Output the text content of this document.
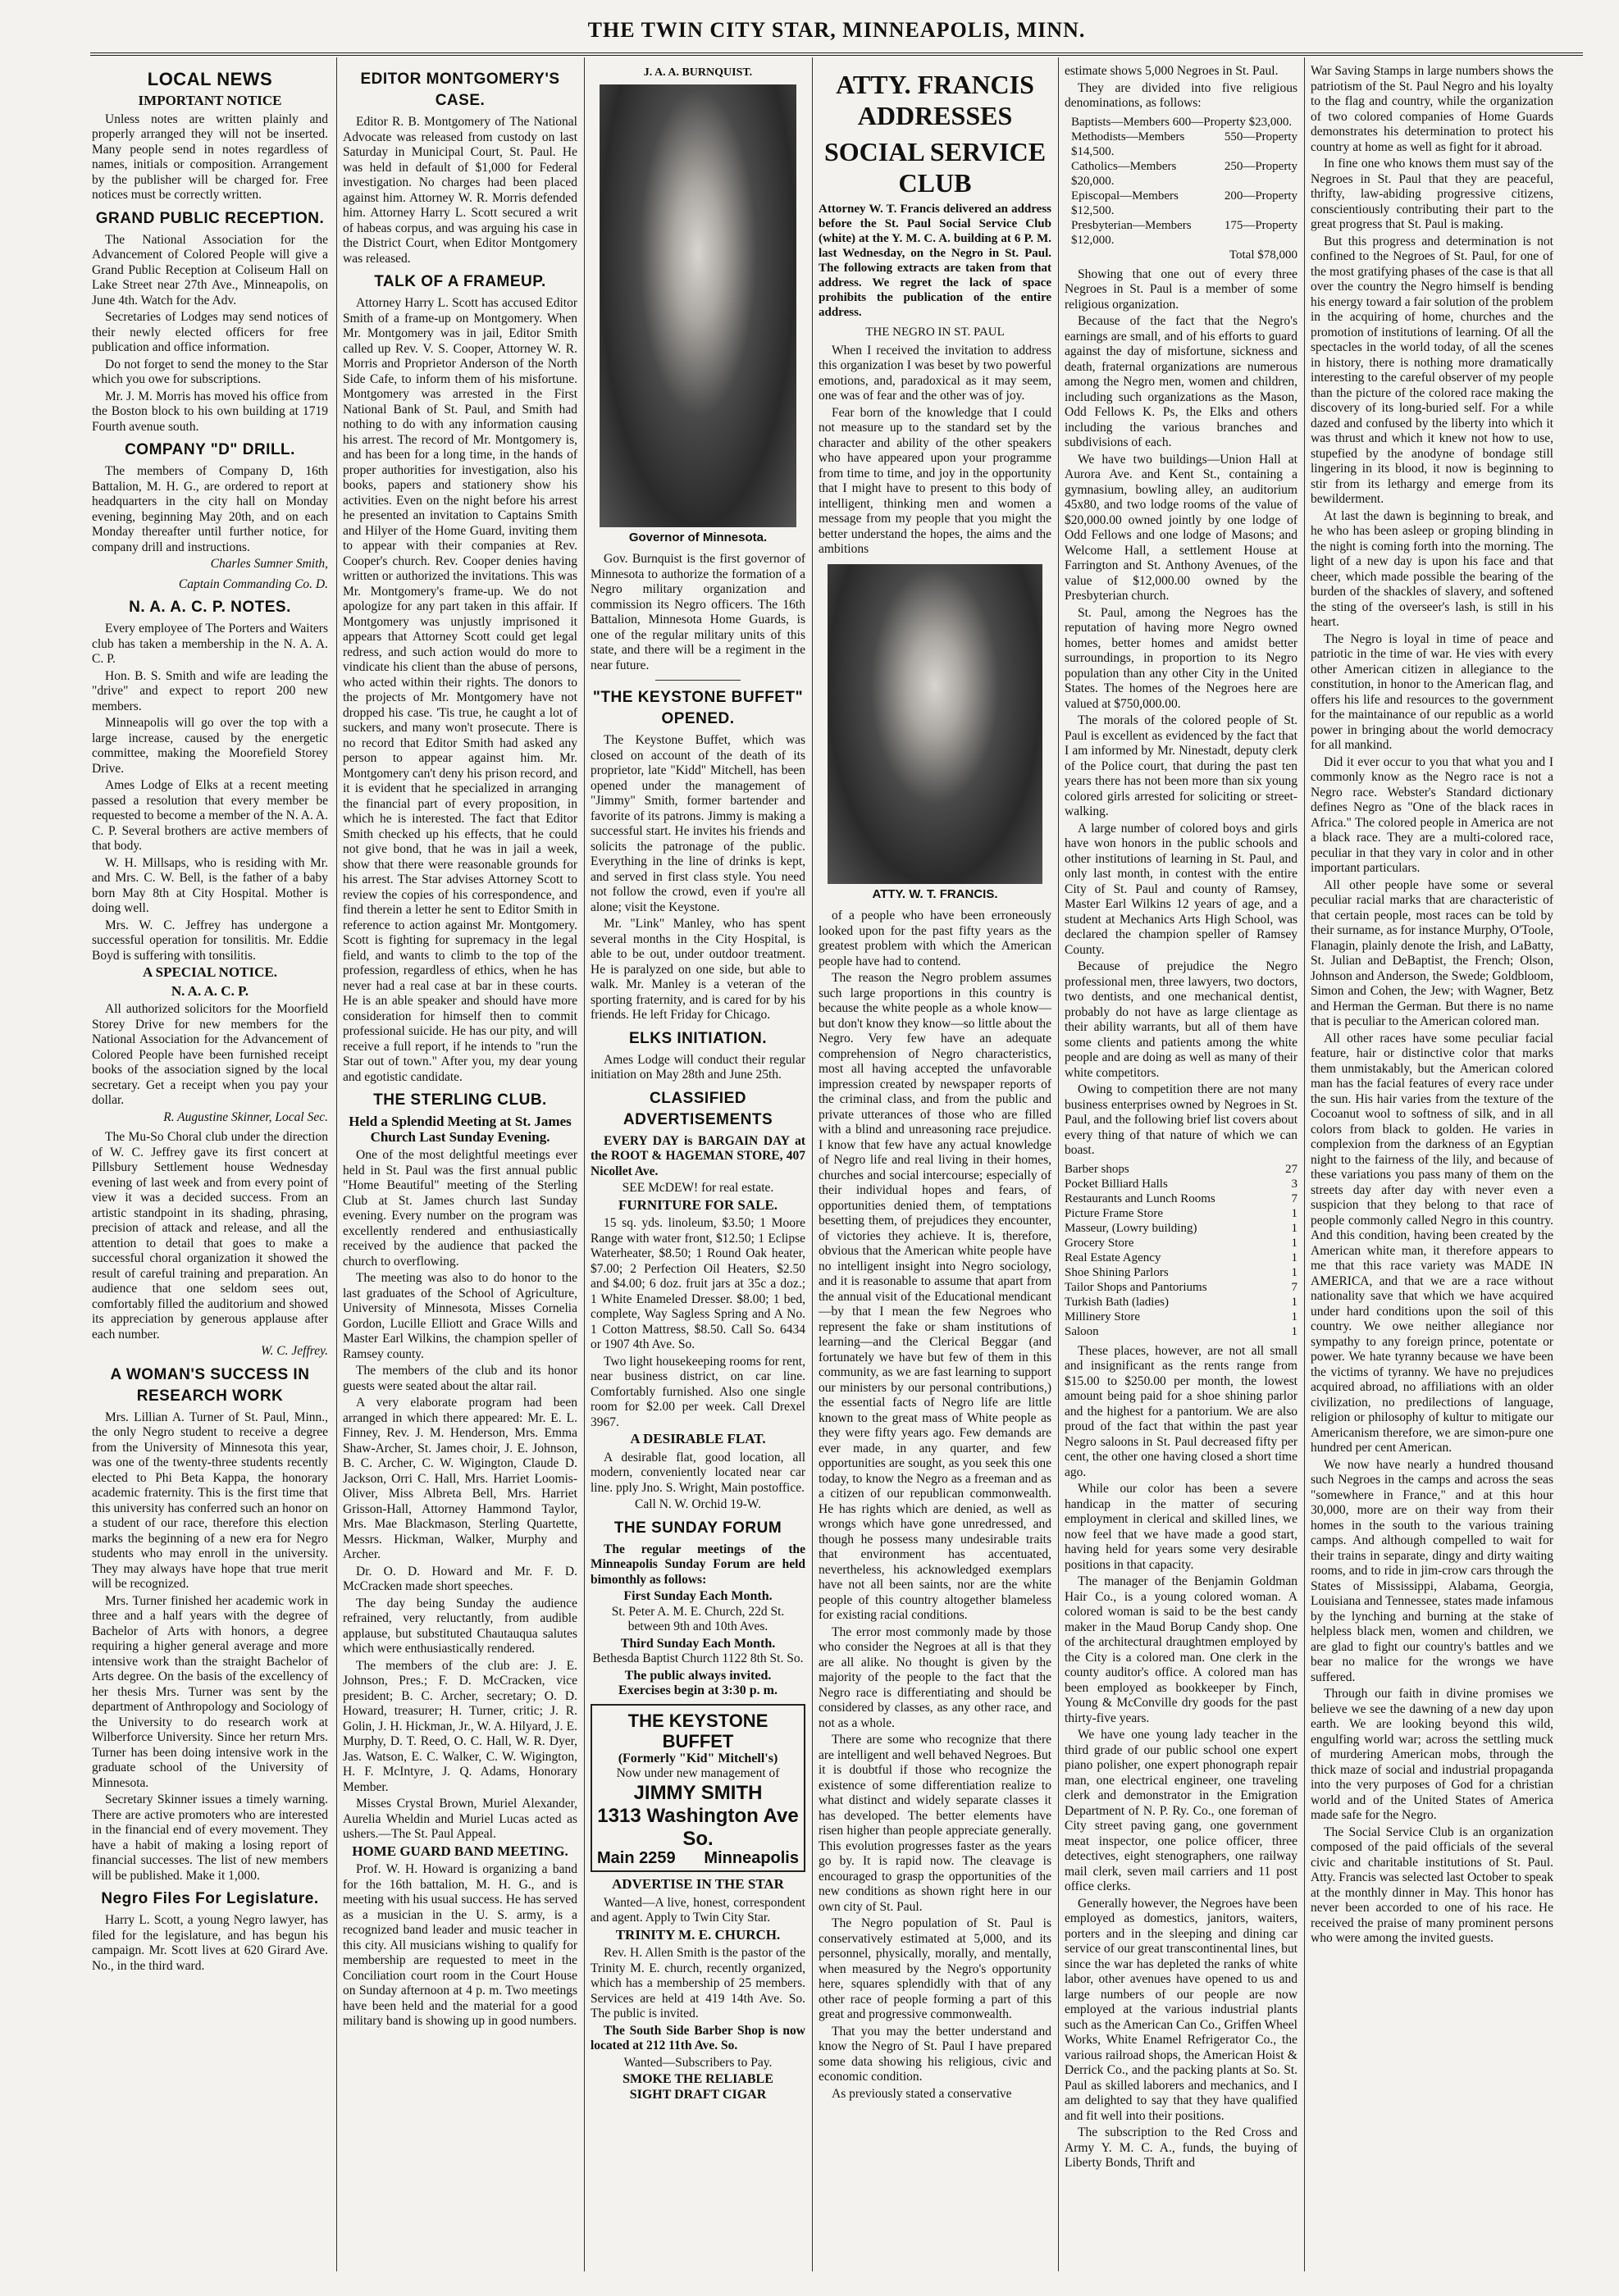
THE TWIN CITY STAR, MINNEAPOLIS, MINN.
LOCAL NEWS
IMPORTANT NOTICE

Unless notes are written plainly and properly arranged they will not be inserted. Many people send in notes regardless of names, initials or composition. Arrangement by the publisher will be charged for. Free notices must be correctly written.

GRAND PUBLIC RECEPTION.

The National Association for the Advancement of Colored People will give a Grand Public Reception at Coliseum Hall on Lake Street near 27th Ave., Minneapolis, on June 4th. Watch for the Adv.

Secretaries of Lodges may send notices of their newly elected officers for free publication and office information.

Do not forget to send the money to the Star which you owe for subscriptions.

Mr. J. M. Morris has moved his office from the Boston block to his own building at 1719 Fourth avenue south.

COMPANY "D" DRILL.

The members of Company D, 16th Battalion, M. H. G., are ordered to report at headquarters in the city hall on Monday evening, beginning May 20th, and on each Monday thereafter until further notice, for company drill and instructions.

Charles Sumner Smith,
Captain Commanding Co. D.
N. A. A. C. P. NOTES.

Every employee of The Porters and Waiters club has taken a membership in the N. A. A. C. P.

Hon. B. S. Smith and wife are leading the "drive" and expect to report 200 new members.

Minneapolis will go over the top with a large increase, caused by the energetic committee, making the Moorefield Storey Drive.

Ames Lodge of Elks at a recent meeting passed a resolution that every member be requested to become a member of the N. A. A. C. P. Several brothers are active members of that body.

W. H. Millsaps, who is residing with Mr. and Mrs. C. W. Bell, is the father of a baby born May 8th at City Hospital. Mother is doing well.

Mrs. W. C. Jeffrey has undergone a successful operation for tonsilitis. Mr. Eddie Boyd is suffering with tonsilitis.

A SPECIAL NOTICE.
N. A. A. C. P.

All authorized solicitors for the Moorfield Storey Drive for new members for the National Association for the Advancement of Colored People have been furnished receipt books of the association signed by the local secretary. Get a receipt when you pay your dollar.

R. Augustine Skinner, Local Sec.

The Mu-So Choral club under the direction of W. C. Jeffrey gave its first concert at Pillsbury Settlement house Wednesday evening of last week and from every point of view it was a decided success. From an artistic standpoint in its shading, phrasing, precision of attack and release, and all the attention to detail that goes to make a successful choral organization it showed the result of careful training and preparation. An audience that one seldom sees out, comfortably filled the auditorium and showed its appreciation by generous applause after each number.

W. C. Jeffrey.
A WOMAN'S SUCCESS IN RESEARCH WORK

Mrs. Lillian A. Turner of St. Paul, Minn., the only Negro student to receive a degree from the University of Minnesota this year, was one of the twenty-three students recently elected to Phi Beta Kappa, the honorary academic fraternity. This is the first time that this university has conferred such an honor on a student of our race, therefore this election marks the beginning of a new era for Negro students who may enroll in the university. They may always have hope that true merit will be recognized.

Mrs. Turner finished her academic work in three and a half years with the degree of Bachelor of Arts with honors, a degree requiring a higher general average and more intensive work than the straight Bachelor of Arts degree. On the basis of the excellency of her thesis Mrs. Turner was sent by the department of Anthropology and Sociology of the University to do research work at Wilberforce University. Since her return Mrs. Turner has been doing intensive work in the graduate school of the University of Minnesota.

Secretary Skinner issues a timely warning. There are active promoters who are interested in the financial end of every movement. They have a habit of making a losing report of financial successes. The list of new members will be published. Make it 1,000.

Negro Files For Legislature.

Harry L. Scott, a young Negro lawyer, has filed for the legislature, and has begun his campaign. Mr. Scott lives at 620 Girard Ave. No., in the third ward.

EDITOR MONTGOMERY'S CASE.

Editor R. B. Montgomery of The National Advocate was released from custody on last Saturday in Municipal Court, St. Paul. He was held in default of $1,000 for Federal investigation. No charges had been placed against him. Attorney W. R. Morris defended him. Attorney Harry L. Scott secured a writ of habeas corpus, and was arguing his case in the District Court, when Editor Montgomery was released.

TALK OF A FRAMEUP.

Attorney Harry L. Scott has accused Editor Smith of a frame-up on Montgomery. When Mr. Montgomery was in jail, Editor Smith called up Rev. V. S. Cooper, Attorney W. R. Morris and Proprietor Anderson of the North Side Cafe, to inform them of his misfortune. Montgomery was arrested in the First National Bank of St. Paul, and Smith had nothing to do with any information causing his arrest. The record of Mr. Montgomery is, and has been for a long time, in the hands of proper authorities for investigation, also his books, papers and stationery show his activities. Even on the night before his arrest he presented an invitation to Captains Smith and Hilyer of the Home Guard, inviting them to appear with their companies at Rev. Cooper's church. Rev. Cooper denies having written or authorized the invitations. This was Mr. Montgomery's frame-up. We do not apologize for any part taken in this affair. If Montgomery was unjustly imprisoned it appears that Attorney Scott could get legal redress, and such action would do more to vindicate his client than the abuse of persons, who acted within their rights. The donors to the projects of Mr. Montgomery have not dropped his case. 'Tis true, he caught a lot of suckers, and many won't prosecute. There is no record that Editor Smith had asked any person to appear against him. Mr. Montgomery can't deny his prison record, and it is evident that he specialized in arranging the financial part of every proposition, in which he is interested. The fact that Editor Smith checked up his effects, that he could not give bond, that he was in jail a week, show that there were reasonable grounds for his arrest. The Star advises Attorney Scott to review the copies of his correspondence, and find therein a letter he sent to Editor Smith in reference to action against Mr. Montgomery. Scott is fighting for supremacy in the legal field, and wants to climb to the top of the profession, regardless of ethics, when he has never had a real case at bar in these courts. He is an able speaker and should have more consideration for himself then to commit professional suicide. He has our pity, and will receive a full report, if he intends to "run the Star out of town." After you, my dear young and egotistic candidate.

THE STERLING CLUB.
Held a Splendid Meeting at St. James Church Last Sunday Evening.

One of the most delightful meetings ever held in St. Paul was the first annual public "Home Beautiful" meeting of the Sterling Club at St. James church last Sunday evening. Every number on the program was excellently rendered and enthusiastically received by the audience that packed the church to overflowing.

The meeting was also to do honor to the last graduates of the School of Agriculture, University of Minnesota, Misses Cornelia Gordon, Lucille Elliott and Grace Wills and Master Earl Wilkins, the champion speller of Ramsey county.

The members of the club and its honor guests were seated about the altar rail.

A very elaborate program had been arranged in which there appeared: Mr. E. L. Finney, Rev. J. M. Henderson, Mrs. Emma Shaw-Archer, St. James choir, J. E. Johnson, B. C. Archer, C. W. Wigington, Claude D. Jackson, Orri C. Hall, Mrs. Harriet Loomis-Oliver, Miss Albreta Bell, Mrs. Harriet Grisson-Hall, Attorney Hammond Taylor, Mrs. Mae Blackmason, Sterling Quartette, Messrs. Hickman, Walker, Murphy and Archer.

Dr. O. D. Howard and Mr. F. D. McCracken made short speeches.

The day being Sunday the audience refrained, very reluctantly, from audible applause, but substituted Chautauqua salutes which were enthusiastically rendered.

The members of the club are: J. E. Johnson, Pres.; F. D. McCracken, vice president; B. C. Archer, secretary; O. D. Howard, treasurer; H. Turner, critic; J. R. Golin, J. H. Hickman, Jr., W. A. Hilyard, J. E. Murphy, D. T. Reed, O. C. Hall, W. R. Dyer, Jas. Watson, E. C. Walker, C. W. Wigington, H. F. McIntyre, J. Q. Adams, Honorary Member.

Misses Crystal Brown, Muriel Alexander, Aurelia Wheldin and Muriel Lucas acted as ushers.—The St. Paul Appeal.

HOME GUARD BAND MEETING.

Prof. W. H. Howard is organizing a band for the 16th battalion, M. H. G., and is meeting with his usual success. He has served as a musician in the U. S. army, is a recognized band leader and music teacher in this city. All musicians wishing to qualify for membership are requested to meet in the Conciliation court room in the Court House on Sunday afternoon at 4 p. m. Two meetings have been held and the material for a good military band is showing up in good numbers.

J. A. A. BURNQUIST.
Governor of Minnesota.

Gov. Burnquist is the first governor of Minnesota to authorize the formation of a Negro military organization and commission its Negro officers. The 16th Battalion, Minnesota Home Guards, is one of the regular military units of this state, and there will be a regiment in the near future.

"THE KEYSTONE BUFFET" OPENED.

The Keystone Buffet, which was closed on account of the death of its proprietor, late "Kidd" Mitchell, has been opened under the management of "Jimmy" Smith, former bartender and favorite of its patrons. Jimmy is making a successful start. He invites his friends and solicits the patronage of the public. Everything in the line of drinks is kept, and served in first class style. You need not follow the crowd, even if you're all alone; visit the Keystone.

Mr. "Link" Manley, who has spent several months in the City Hospital, is able to be out, under outdoor treatment. He is paralyzed on one side, but able to walk. Mr. Manley is a veteran of the sporting fraternity, and is cared for by his friends. He left Friday for Chicago.

ELKS INITIATION.

Ames Lodge will conduct their regular initiation on May 28th and June 25th.

CLASSIFIED ADVERTISEMENTS

EVERY DAY is BARGAIN DAY at the ROOT & HAGEMAN STORE, 407 Nicollet Ave.

SEE McDEW! for real estate.

FURNITURE FOR SALE.

15 sq. yds. linoleum, $3.50; 1 Moore Range with water front, $12.50; 1 Eclipse Waterheater, $8.50; 1 Round Oak heater, $7.00; 2 Perfection Oil Heaters, $2.50 and $4.00; 6 doz. fruit jars at 35c a doz.; 1 White Enameled Dresser. $8.00; 1 bed, complete, Way Sagless Spring and A No. 1 Cotton Mattress, $8.50. Call So. 6434 or 1907 4th Ave. So.

Two light housekeeping rooms for rent, near business district, on car line. Comfortably furnished. Also one single room for $2.00 per week. Call Drexel 3967.

A DESIRABLE FLAT.

A desirable flat, good location, all modern, conveniently located near car line. pply Jno. S. Wright, Main postoffice.

Call N. W. Orchid 19-W.

THE SUNDAY FORUM

The regular meetings of the Minneapolis Sunday Forum are held bimonthly as follows:

First Sunday Each Month.

St. Peter A. M. E. Church, 22d St. between 9th and 10th Aves.

Third Sunday Each Month.

Bethesda Baptist Church 1122 8th St. So.

The public always invited.
Exercises begin at 3:30 p. m.
THE KEYSTONE BUFFET
(Formerly "Kid" Mitchell's)
Now under new management of
JIMMY SMITH
1313 Washington Ave So.
Main 2259 Minneapolis
ADVERTISE IN THE STAR

Wanted—A live, honest, correspondent and agent. Apply to Twin City Star.

TRINITY M. E. CHURCH.

Rev. H. Allen Smith is the pastor of the Trinity M. E. church, recently organized, which has a membership of 25 members. Services are held at 419 14th Ave. So. The public is invited.

The South Side Barber Shop is now located at 212 11th Ave. So.

Wanted—Subscribers to Pay.

SMOKE THE RELIABLE
SIGHT DRAFT CIGAR
ATTY. FRANCIS ADDRESSES
SOCIAL SERVICE CLUB
Attorney W. T. Francis delivered an address before the St. Paul Social Service Club (white) at the Y. M. C. A. building at 6 P. M. last Wednesday, on the Negro in St. Paul. The following extracts are taken from that address. We regret the lack of space prohibits the publication of the entire address.
THE NEGRO IN ST. PAUL

When I received the invitation to address this organization I was beset by two powerful emotions, and, paradoxical as it may seem, one was of fear and the other was of joy.

Fear born of the knowledge that I could not measure up to the standard set by the character and ability of the other speakers who have appeared upon your programme from time to time, and joy in the opportunity that I might have to present to this body of intelligent, thinking men and women a message from my people that you might the better understand the hopes, the aims and the ambitions

ATTY. W. T. FRANCIS.

of a people who have been erroneously looked upon for the past fifty years as the greatest problem with which the American people have had to contend.

The reason the Negro problem assumes such large proportions in this country is because the white people as a whole know—but don't know they know—so little about the Negro. Very few have an adequate comprehension of Negro characteristics, most all having accepted the unfavorable impression created by newspaper reports of the criminal class, and from the public and private utterances of those who are filled with a blind and unreasoning race prejudice. I know that few have any actual knowledge of Negro life and real living in their homes, churches and social intercourse; especially of their individual hopes and fears, of opportunities denied them, of temptations besetting them, of prejudices they encounter, of victories they achieve. It is, therefore, obvious that the American white people have no intelligent insight into Negro sociology, and it is reasonable to assume that apart from the annual visit of the Educational mendicant—by that I mean the few Negroes who represent the fake or sham institutions of learning—and the Clerical Beggar (and fortunately we have but few of them in this community, as we are fast learning to support our ministers by our personal contributions,) the essential facts of Negro life are little known to the great mass of White people as they were fifty years ago. Few demands are ever made, in any quarter, and few opportunities are sought, as you seek this one today, to know the Negro as a freeman and as a citizen of our republican commonwealth. He has rights which are denied, as well as wrongs which have gone unredressed, and though he possess many undesirable traits that environment has accentuated, nevertheless, his acknowledged exemplars have not all been saints, nor are the white people of this country altogether blameless for existing racial conditions.

The error most commonly made by those who consider the Negroes at all is that they are all alike. No thought is given by the majority of the people to the fact that the Negro race is differentiating and should be considered by classes, as any other race, and not as a whole.

There are some who recognize that there are intelligent and well behaved Negroes. But it is doubtful if those who recognize the existence of some differentiation realize to what distinct and widely separate classes it has developed. The better elements have risen higher than people appreciate generally. This evolution progresses faster as the years go by. It is rapid now. The cleavage is encouraged to grasp the opportunities of the new conditions as shown right here in our own city of St. Paul.

The Negro population of St. Paul is conservatively estimated at 5,000, and its personnel, physically, morally, and mentally, when measured by the Negro's opportunity here, squares splendidly with that of any other race of people forming a part of this great and progressive commonwealth.

That you may the better understand and know the Negro of St. Paul I have prepared some data showing his religious, civic and economic condition.

As previously stated a conservative

estimate shows 5,000 Negroes in St. Paul.

They are divided into five religious denominations, as follows:

Baptists—Members 600—Property $23,000.
Methodists—Members 550—Property $14,500.
Catholics—Members 250—Property $20,000.
Episcopal—Members 200—Property $12,500.
Presbyterian—Members 175—Property $12,000.
Total $78,000

Showing that one out of every three Negroes in St. Paul is a member of some religious organization.

Because of the fact that the Negro's earnings are small, and of his efforts to guard against the day of misfortune, sickness and death, fraternal organizations are numerous among the Negro men, women and children, including such organizations as the Mason, Odd Fellows K. Ps, the Elks and others including the various branches and subdivisions of each.

We have two buildings—Union Hall at Aurora Ave. and Kent St., containing a gymnasium, bowling alley, an auditorium 45x80, and two lodge rooms of the value of $20,000.00 owned jointly by one lodge of Odd Fellows and one lodge of Masons; and Welcome Hall, a settlement House at Farrington and St. Anthony Avenues, of the value of $12,000.00 owned by the Presbyterian church.

St. Paul, among the Negroes has the reputation of having more Negro owned homes, better homes and amidst better surroundings, in proportion to its Negro population than any other City in the United States. The homes of the Negroes here are valued at $750,000.00.

The morals of the colored people of St. Paul is excellent as evidenced by the fact that I am informed by Mr. Ninestadt, deputy clerk of the Police court, that during the past ten years there has not been more than six young colored girls arrested for soliciting or street-walking.

A large number of colored boys and girls have won honors in the public schools and other institutions of learning in St. Paul, and only last month, in contest with the entire City of St. Paul and county of Ramsey, Master Earl Wilkins 12 years of age, and a student at Mechanics Arts High School, was declared the champion speller of Ramsey County.

Because of prejudice the Negro professional men, three lawyers, two doctors, two dentists, and one mechanical dentist, probably do not have as large clientage as their ability warrants, but all of them have some clients and patients among the white people and are doing as well as many of their white competitors.

Owing to competition there are not many business enterprises owned by Negroes in St. Paul, and the following brief list covers about every thing of that nature of which we can boast.

Barber shops	27
Pocket Billiard Halls	3
Restaurants and Lunch Rooms	7
Picture Frame Store	1
Masseur, (Lowry building)	1
Grocery Store	1
Real Estate Agency	1
Shoe Shining Parlors	1
Tailor Shops and Pantoriums	7
Turkish Bath (ladies)	1
Millinery Store	1
Saloon	1

These places, however, are not all small and insignificant as the rents range from $15.00 to $250.00 per month, the lowest amount being paid for a shoe shining parlor and the highest for a pantorium. We are also proud of the fact that within the past year Negro saloons in St. Paul decreased fifty per cent, the other one having closed a short time ago.

While our color has been a severe handicap in the matter of securing employment in clerical and skilled lines, we now feel that we have made a good start, having held for years some very desirable positions in that capacity.

The manager of the Benjamin Goldman Hair Co., is a young colored woman. A colored woman is said to be the best candy maker in the Maud Borup Candy shop. One of the architectural draughtmen employed by the City is a colored man. One clerk in the county auditor's office. A colored man has been employed as bookkeeper by Finch, Young & McConville dry goods for the past thirty-five years.

We have one young lady teacher in the third grade of our public school one expert piano polisher, one expert phonograph repair man, one electrical engineer, one traveling clerk and demonstrator in the Emigration Department of N. P. Ry. Co., one foreman of City street paving gang, one government meat inspector, one police officer, three detectives, eight stenographers, one railway mail clerk, seven mail carriers and 11 post office clerks.

Generally however, the Negroes have been employed as domestics, janitors, waiters, porters and in the sleeping and dining car service of our great transcontinental lines, but since the war has depleted the ranks of white labor, other avenues have opened to us and large numbers of our people are now employed at the various industrial plants such as the American Can Co., Griffen Wheel Works, White Enamel Refrigerator Co., the various railroad shops, the American Hoist & Derrick Co., and the packing plants at So. St. Paul as skilled laborers and mechanics, and I am delighted to say that they have qualified and fit well into their positions.

The subscription to the Red Cross and Army Y. M. C. A., funds, the buying of Liberty Bonds, Thrift and

War Saving Stamps in large numbers shows the patriotism of the St. Paul Negro and his loyalty to the flag and country, while the organization of two colored companies of Home Guards demonstrates his determination to protect his country at home as well as fight for it abroad.

In fine one who knows them must say of the Negroes in St. Paul that they are peaceful, thrifty, law-abiding progressive citizens, conscientiously contributing their part to the great progress that St. Paul is making.

But this progress and determination is not confined to the Negroes of St. Paul, for one of the most gratifying phases of the case is that all over the country the Negro himself is bending his energy toward a fair solution of the problem in the acquiring of home, churches and the promotion of institutions of learning. Of all the spectacles in the world today, of all the scenes in history, there is nothing more dramatically interesting to the careful observer of my people than the picture of the colored race making the discovery of its long-buried self. For a while dazed and confused by the liberty into which it was thrust and which it knew not how to use, stupefied by the anodyne of bondage still lingering in its blood, it now is beginning to stir from its lethargy and emerge from its bewilderment.

At last the dawn is beginning to break, and he who has been asleep or groping blinding in the night is coming forth into the morning. The light of a new day is upon his face and that cheer, which made possible the bearing of the burden of the shackles of slavery, and softened the sting of the overseer's lash, is still in his heart.

The Negro is loyal in time of peace and patriotic in the time of war. He vies with every other American citizen in allegiance to the constitution, in honor to the American flag, and offers his life and resources to the government for the maintainance of our republic as a world power in bringing about the world democracy for all mankind.

Did it ever occur to you that what you and I commonly know as the Negro race is not a Negro race. Webster's Standard dictionary defines Negro as "One of the black races in Africa." The colored people in America are not a black race. They are a multi-colored race, peculiar in that they vary in color and in other important particulars.

All other people have some or several peculiar racial marks that are characteristic of that certain people, most races can be told by their surname, as for instance Murphy, O'Toole, Flanagin, plainly denote the Irish, and LaBatty, St. Julian and DeBaptist, the French; Olson, Johnson and Anderson, the Swede; Goldbloom, Simon and Cohen, the Jew; with Wagner, Betz and Herman the German. But there is no name that is peculiar to the American colored man.

All other races have some peculiar facial feature, hair or distinctive color that marks them unmistakably, but the American colored man has the facial features of every race under the sun. His hair varies from the texture of the Cocoanut wool to softness of silk, and in all colors from black to golden. He varies in complexion from the darkness of an Egyptian night to the fairness of the lily, and because of these variations you pass many of them on the streets day after day with never even a suspicion that they belong to that race of people commonly called Negro in this country. And this condition, having been created by the American white man, it therefore appears to me that this race variety was MADE IN AMERICA, and that we are a race without nationality save that which we have acquired under hard conditions upon the soil of this country. We owe neither allegiance nor sympathy to any foreign prince, potentate or power. We hate tyranny because we have been the victims of tyranny. We have no prejudices acquired abroad, no affiliations with an older civilization, no predilections of language, religion or philosophy of kultur to mitigate our Americanism therefore, we are simon-pure one hundred per cent American.

We now have nearly a hundred thousand such Negroes in the camps and across the seas "somewhere in France," and at this hour 30,000, more are on their way from their homes in the south to the various training camps. And although compelled to wait for their trains in separate, dingy and dirty waiting rooms, and to ride in jim-crow cars through the States of Mississippi, Alabama, Georgia, Louisiana and Tennessee, states made infamous by the lynching and burning at the stake of helpless black men, women and children, we are glad to fight our country's battles and we bear no malice for the wrongs we have suffered.

Through our faith in divine promises we believe we see the dawning of a new day upon earth. We are looking beyond this wild, engulfing world war; across the settling muck of murdering American mobs, through the thick maze of social and industrial propaganda into the very purposes of God for a christian world and of the United States of America made safe for the Negro.

The Social Service Club is an organization composed of the paid officials of the several civic and charitable institutions of St. Paul. Atty. Francis was selected last October to speak at the monthly dinner in May. This honor has never been accorded to one of his race. He received the praise of many prominent persons who were among the invited guests.
